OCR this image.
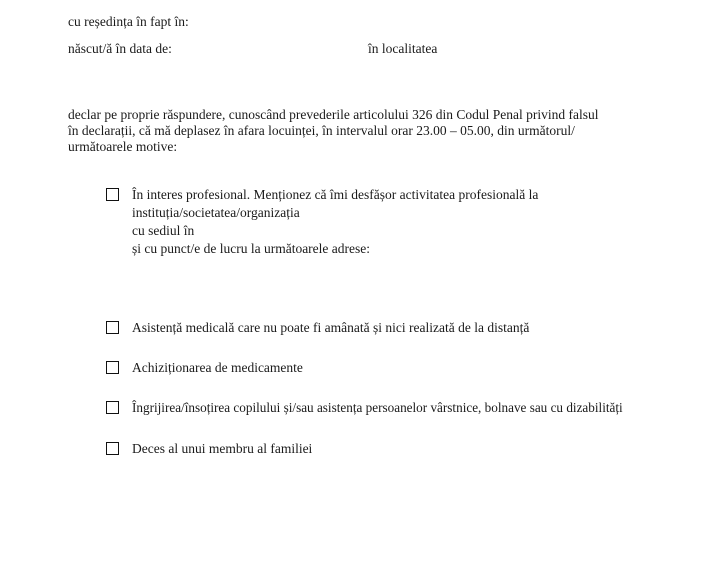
cu reședința în fapt în:
născut/ă în data de:	în localitatea
declar pe proprie răspundere, cunoscând prevederile articolului 326 din Codul Penal privind falsul
în declarații, că mă deplasez în afara locuinței, în intervalul orar 23.00 – 05.00, din următorul/
următoarele motive:
În interes profesional. Menționez că îmi desfășor activitatea profesională la
instituția/societatea/organizația
cu sediul în
și cu punct/e de lucru la următoarele adrese:
Asistență medicală care nu poate fi amânată și nici realizată de la distanță
Achiziționarea de medicamente
Îngrijirea/însoțirea copilului și/sau asistența persoanelor vârstnice, bolnave sau cu dizabilități
Deces al unui membru al familiei
